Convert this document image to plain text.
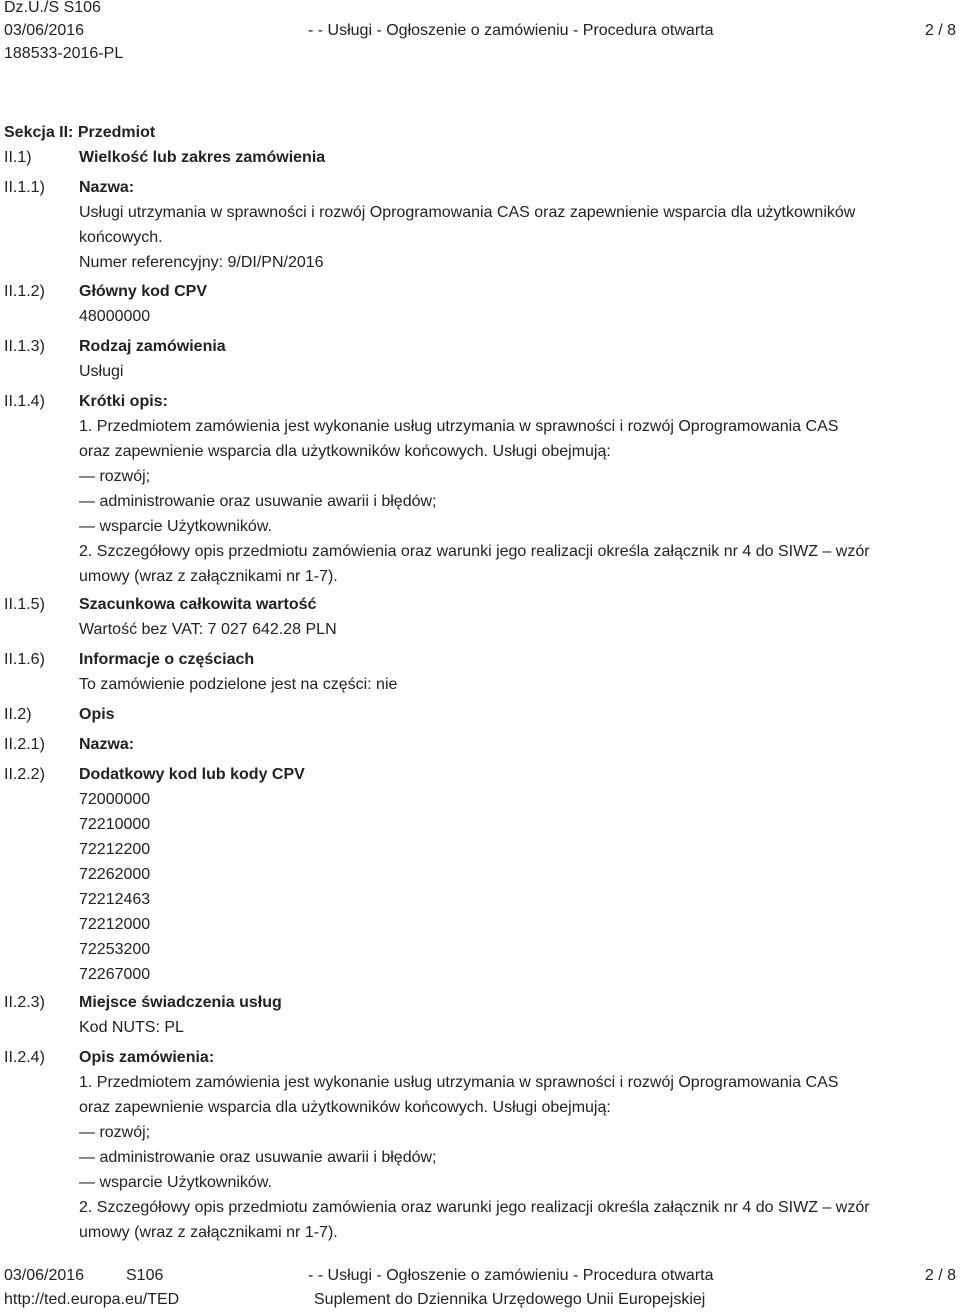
Dz.U./S S106
03/06/2016	- - Usługi - Ogłoszenie o zamówieniu - Procedura otwarta	2 / 8
188533-2016-PL
Sekcja II: Przedmiot
II.1)	Wielkość lub zakres zamówienia
II.1.1)	Nazwa:
Usługi utrzymania w sprawności i rozwój Oprogramowania CAS oraz zapewnienie wsparcia dla użytkowników
końcowych.
Numer referencyjny: 9/DI/PN/2016
II.1.2)	Główny kod CPV
48000000
II.1.3)	Rodzaj zamówienia
Usługi
II.1.4)	Krótki opis:
1. Przedmiotem zamówienia jest wykonanie usług utrzymania w sprawności i rozwój Oprogramowania CAS
oraz zapewnienie wsparcia dla użytkowników końcowych. Usługi obejmują:
— rozwój;
— administrowanie oraz usuwanie awarii i błędów;
— wsparcie Użytkowników.
2. Szczegółowy opis przedmiotu zamówienia oraz warunki jego realizacji określa załącznik nr 4 do SIWZ – wzór
umowy (wraz z załącznikami nr 1-7).
II.1.5)	Szacunkowa całkowita wartość
Wartość bez VAT: 7 027 642.28 PLN
II.1.6)	Informacje o częściach
To zamówienie podzielone jest na części: nie
II.2)	Opis
II.2.1)	Nazwa:
II.2.2)	Dodatkowy kod lub kody CPV
72000000
72210000
72212200
72262000
72212463
72212000
72253200
72267000
II.2.3)	Miejsce świadczenia usług
Kod NUTS: PL
II.2.4)	Opis zamówienia:
1. Przedmiotem zamówienia jest wykonanie usług utrzymania w sprawności i rozwój Oprogramowania CAS
oraz zapewnienie wsparcia dla użytkowników końcowych. Usługi obejmują:
— rozwój;
— administrowanie oraz usuwanie awarii i błędów;
— wsparcie Użytkowników.
2. Szczegółowy opis przedmiotu zamówienia oraz warunki jego realizacji określa załącznik nr 4 do SIWZ – wzór
umowy (wraz z załącznikami nr 1-7).
03/06/2016	S106	- - Usługi - Ogłoszenie o zamówieniu - Procedura otwarta	2 / 8
http://ted.europa.eu/TED	Suplement do Dziennika Urzędowego Unii Europejskiej
